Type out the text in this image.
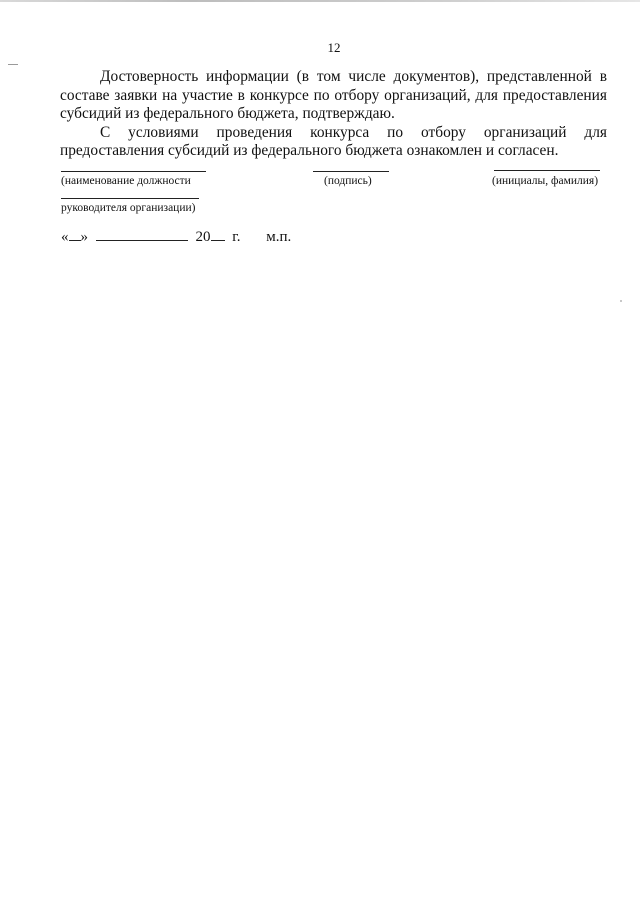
12

Достоверность информации (в том числе документов), представленной в составе заявки на участие в конкурсе по отбору организаций, для предоставления субсидий из федерального бюджета, подтверждаю.

С условиями проведения конкурса по отбору организаций для предоставления субсидий из федерального бюджета ознакомлен и согласен.

(наименование должности	(подпись)	(инициалы, фамилия)
руководителя организации)
« »	20 г. м.п.
